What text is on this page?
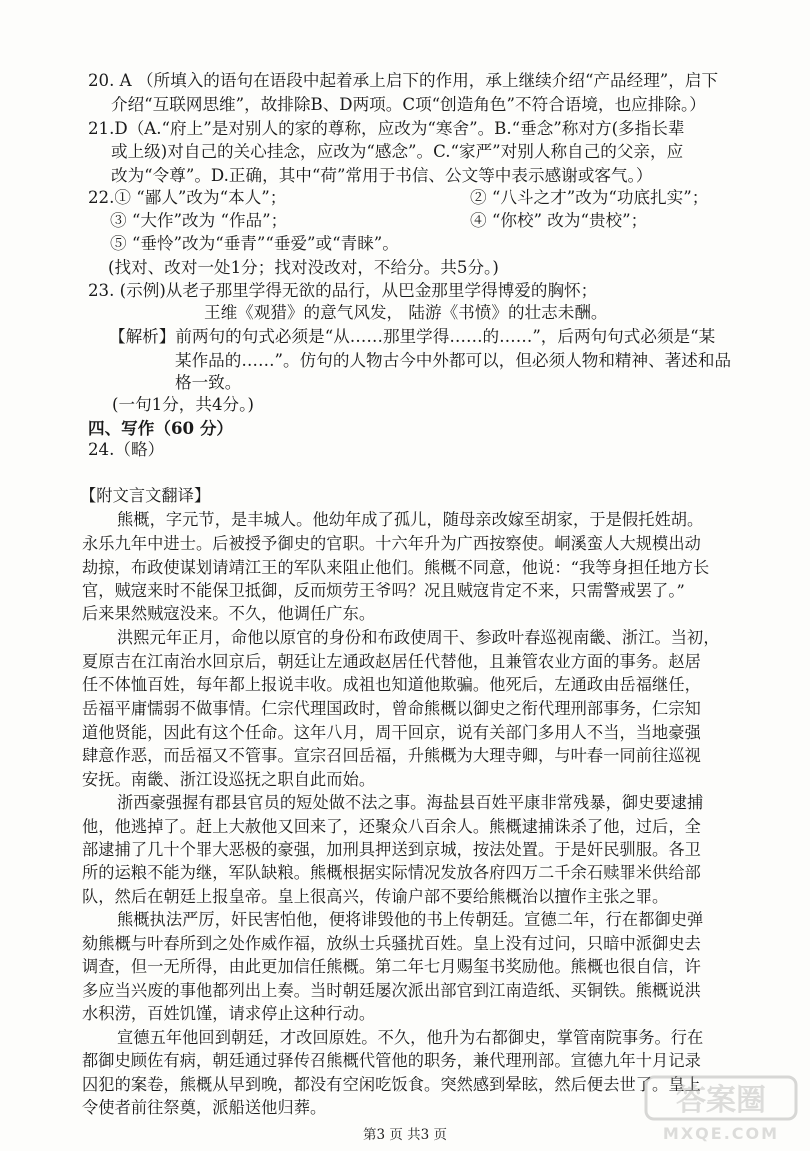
20. A （所填入的语句在语段中起着承上启下的作用，承上继续介绍“产品经理”，启下
介绍“互联网思维”，故排除B、D两项。C项“创造角色”不符合语境，也应排除。）
21.D（A.“府上”是对别人的家的尊称，应改为“寒舍”。B.“垂念”称对方(多指长辈
或上级)对自己的关心挂念，应改为“感念”。C.“家严”对别人称自己的父亲，应
改为“令尊”。D.正确，其中“荷”常用于书信、公文等中表示感谢或客气。）
22.① “鄙人”改为“本人”；	② “八斗之才”改为“功底扎实”；
③ “大作”改为 “作品”；	④ “你校” 改为“贵校”；
⑤ “垂怜”改为“垂青”“垂爱”或“青睐”。
(找对、改对一处1分；找对没改对，不给分。共5分。)
23. (示例)从老子那里学得无欲的品行，从巴金那里学得博爱的胸怀；
王维《观猎》的意气风发， 陆游《书愤》的壮志未酬。
【解析】前两句的句式必须是“从……那里学得……的……”，后两句句式必须是“某
某作品的……”。仿句的人物古今中外都可以，但必须人物和精神、著述和品
格一致。
(一句1分，共4分。)
四、写作（60 分）
24.（略）
【附文言文翻译】
熊概，字元节，是丰城人。他幼年成了孤儿，随母亲改嫁至胡家，于是假托姓胡。
永乐九年中进士。后被授予御史的官职。十六年升为广西按察使。峒溪蛮人大规模出动
劫掠，布政使谋划请靖江王的军队来阻止他们。熊概不同意，他说：“我等身担任地方长
官，贼寇来时不能保卫抵御，反而烦劳王爷吗？况且贼寇肯定不来，只需警戒罢了。”
后来果然贼寇没来。不久，他调任广东。
洪熙元年正月，命他以原官的身份和布政使周干、参政叶春巡视南畿、浙江。当初，
夏原吉在江南治水回京后，朝廷让左通政赵居任代替他，且兼管农业方面的事务。赵居
任不体恤百姓，每年都上报说丰收。成祖也知道他欺骗。他死后，左通政由岳福继任，
岳福平庸懦弱不做事情。仁宗代理国政时，曾命熊概以御史之衔代理刑部事务，仁宗知
道他贤能，因此有这个任命。这年八月，周干回京，说有关部门多用人不当，当地豪强
肆意作恶，而岳福又不管事。宣宗召回岳福，升熊概为大理寺卿，与叶春一同前往巡视
安抚。南畿、浙江设巡抚之职自此而始。
浙西豪强握有郡县官员的短处做不法之事。海盐县百姓平康非常残暴，御史要逮捕
他，他逃掉了。赶上大赦他又回来了，还聚众八百余人。熊概逮捕诛杀了他，过后，全
部逮捕了几十个罪大恶极的豪强，加刑具押送到京城，按法处置。于是奸民驯服。各卫
所的运粮不能为继，军队缺粮。熊概根据实际情况发放各府四万二千余石赎罪米供给部
队，然后在朝廷上报皇帝。皇上很高兴，传谕户部不要给熊概治以擅作主张之罪。
熊概执法严厉，奸民害怕他，便将诽毁他的书上传朝廷。宣德二年，行在都御史弹
劾熊概与叶春所到之处作威作福，放纵士兵骚扰百姓。皇上没有过问，只暗中派御史去
调查，但一无所得，由此更加信任熊概。第二年七月赐玺书奖励他。熊概也很自信，许
多应当兴废的事他都列出上奏。当时朝廷屡次派出部官到江南造纸、买铜铁。熊概说洪
水积涝，百姓饥馑，请求停止这种行动。
宣德五年他回到朝廷，才改回原姓。不久，他升为右都御史，掌管南院事务。行在
都御史顾佐有病，朝廷通过驿传召熊概代管他的职务，兼代理刑部。宣德九年十月记录
囚犯的案卷，熊概从早到晚，都没有空闲吃饭食。突然感到晕眩，然后便去世了。皇上
令使者前往祭奠，派船送他归葬。
第3 页 共3 页
答案圈
MXQE.COM
